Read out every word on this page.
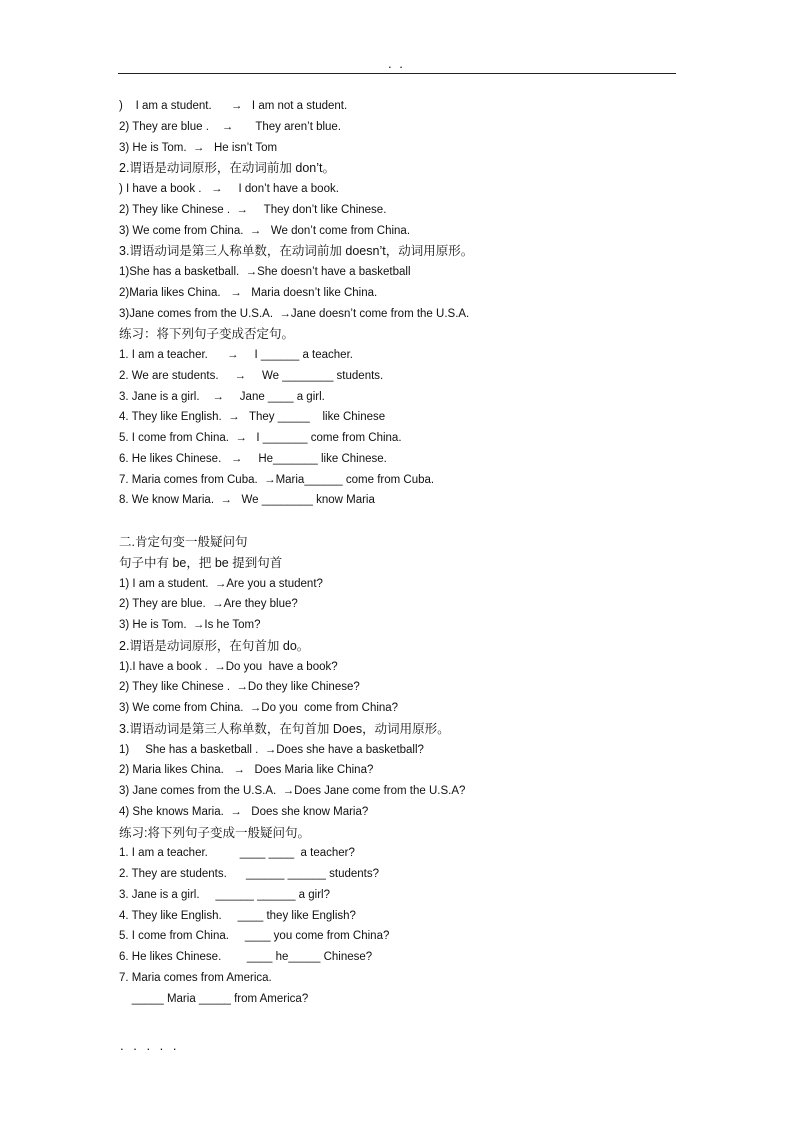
. .
)    I am a student.      →   I am not a student.
2) They are blue .    →       They aren’t blue.
3) He is Tom.  →   He isn’t Tom
2.谓语是动词原形，在动词前加 don’t。
) I have a book .   →     I don’t have a book.
2) They like Chinese .  →     They don’t like Chinese.
3) We come from China.  →   We don’t come from China.
3.谓语动词是第三人称单数，在动词前加 doesn’t，动词用原形。
1)She has a basketball.  →She doesn’t have a basketball
2)Maria likes China.   →   Maria doesn’t like China.
3)Jane comes from the U.S.A.  →Jane doesn’t come from the U.S.A.
练习：将下列句子变成否定句。
1. I am a teacher.      →     I ______ a teacher.
2. We are students.     →     We ________ students.
3. Jane is a girl.    →     Jane ____ a girl.
4. They like English.  →   They _____    like Chinese
5. I come from China.  →   I _______ come from China.
6. He likes Chinese.   →     He_______ like Chinese.
7. Maria comes from Cuba.  →Maria______ come from Cuba.
8. We know Maria.  →   We ________ know Maria
二.肯定句变一般疑问句
句子中有 be，把 be 提到句首
1) I am a student.  →Are you a student?
2) They are blue.  →Are they blue?
3) He is Tom.  →Is he Tom?
2.谓语是动词原形，在句首加 do。
1).I have a book .  →Do you  have a book?
2) They like Chinese .  →Do they like Chinese?
3) We come from China.  →Do you  come from China?
3.谓语动词是第三人称单数，在句首加 Does，动词用原形。
1)     She has a basketball .  →Does she have a basketball?
2) Maria likes China.   →   Does Maria like China?
3) Jane comes from the U.S.A.  →Does Jane come from the U.S.A?
4) She knows Maria.  →   Does she know Maria?
练习:将下列句子变成一般疑问句。
1. I am a teacher.          ____ ____  a teacher?
2. They are students.      ______ ______ students?
3. Jane is a girl.     ______ ______ a girl?
4. They like English.     ____ they like English?
5. I come from China.     ____ you come from China?
6. He likes Chinese.        ____ he_____ Chinese?
7. Maria comes from America.
_____ Maria _____ from America?
. . . . .
